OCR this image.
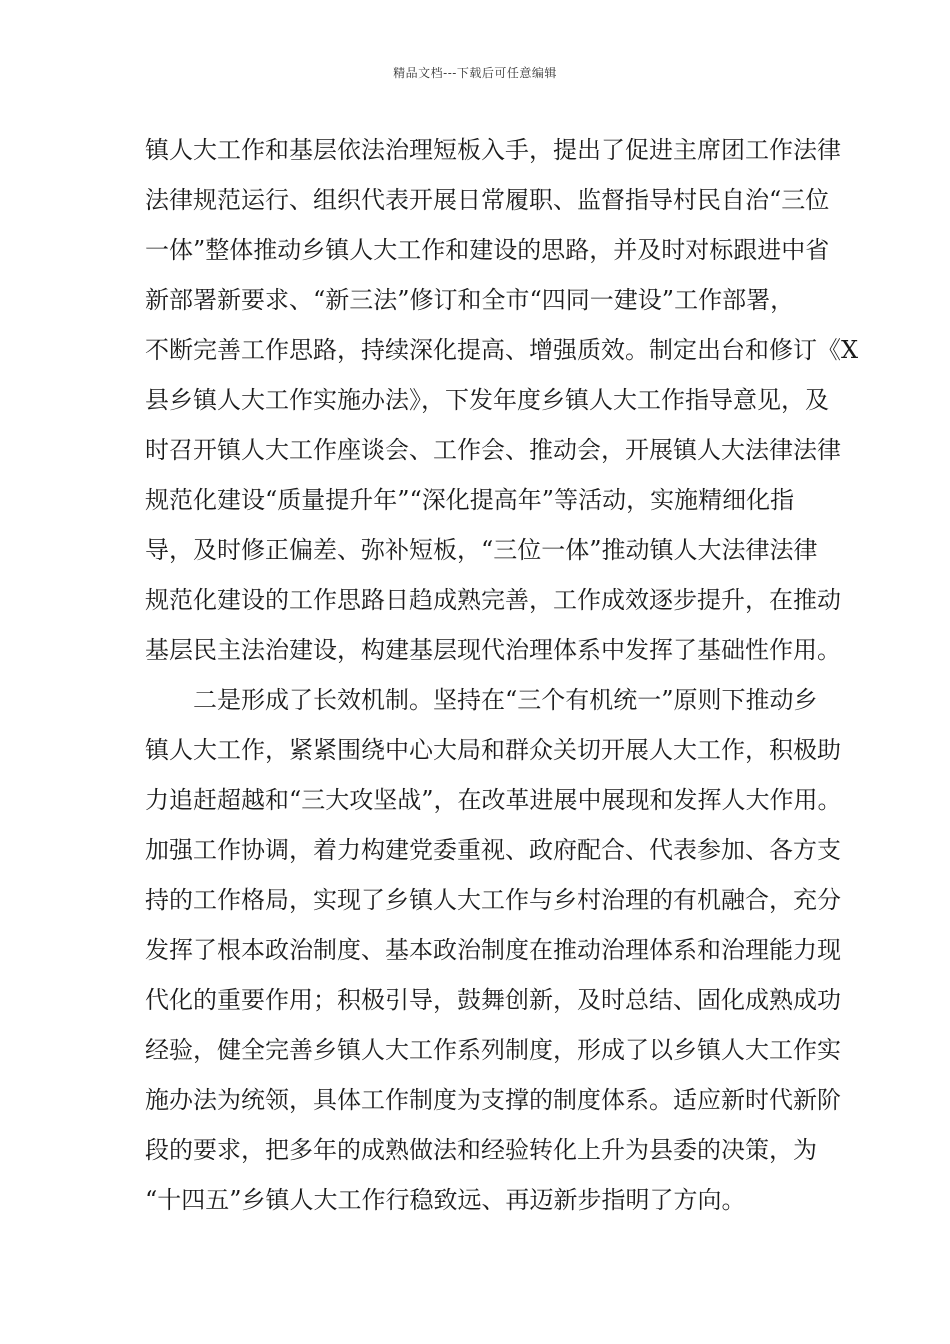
精品文档---下载后可任意编辑
镇人大工作和基层依法治理短板入手，提出了促进主席团工作法律
法律规范运行、组织代表开展日常履职、监督指导村民自治“三位
一体”整体推动乡镇人大工作和建设的思路，并及时对标跟进中省
新部署新要求、“新三法”修订和全市“四同一建设”工作部署，
不断完善工作思路，持续深化提高、增强质效。制定出台和修订《X
县乡镇人大工作实施办法》，下发年度乡镇人大工作指导意见，及
时召开镇人大工作座谈会、工作会、推动会，开展镇人大法律法律
规范化建设“质量提升年”“深化提高年”等活动，实施精细化指
导，及时修正偏差、弥补短板，“三位一体”推动镇人大法律法律
规范化建设的工作思路日趋成熟完善，工作成效逐步提升，在推动
基层民主法治建设，构建基层现代治理体系中发挥了基础性作用。
二是形成了长效机制。坚持在“三个有机统一”原则下推动乡
镇人大工作，紧紧围绕中心大局和群众关切开展人大工作，积极助
力追赶超越和“三大攻坚战”，在改革进展中展现和发挥人大作用。
加强工作协调，着力构建党委重视、政府配合、代表参加、各方支
持的工作格局，实现了乡镇人大工作与乡村治理的有机融合，充分
发挥了根本政治制度、基本政治制度在推动治理体系和治理能力现
代化的重要作用；积极引导，鼓舞创新，及时总结、固化成熟成功
经验，健全完善乡镇人大工作系列制度，形成了以乡镇人大工作实
施办法为统领，具体工作制度为支撑的制度体系。适应新时代新阶
段的要求，把多年的成熟做法和经验转化上升为县委的决策，为
“十四五”乡镇人大工作行稳致远、再迈新步指明了方向。
